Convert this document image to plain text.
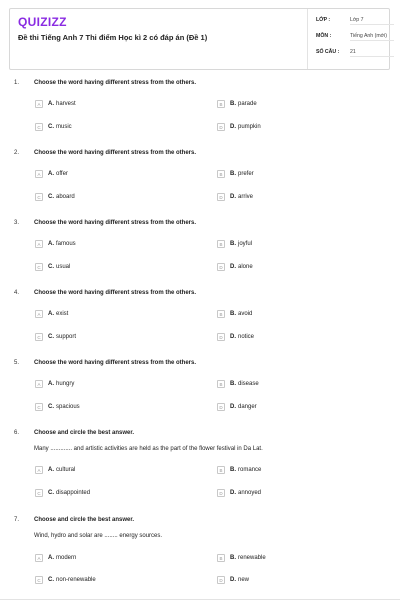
QUIZIZZ
Đề thi Tiếng Anh 7 Thi điểm Học kì 2 có đáp án (Đề 1)
LỚP :	Lớp 7
MÔN :	Tiếng Anh (mới)
SỐ CÂU :	21
1. Choose the word having different stress from the others.
A	A. harvest	B	B. parade
C	C. music	D	D. pumpkin
2. Choose the word having different stress from the others.
A	A. offer	B	B. prefer
C	C. aboard	D	D. arrive
3. Choose the word having different stress from the others.
A	A. famous	B	B. joyful
C	C. usual	D	D. alone
4. Choose the word having different stress from the others.
A	A. exist	B	B. avoid
C	C. support	D	D. notice
5. Choose the word having different stress from the others.
A	A. hungry	B	B. disease
C	C. spacious	D	D. danger
6. Choose and circle the best answer.
Many ............. and artistic activities are held as the part of the flower festival in Da Lat.
A	A. cultural	B	B. romance
C	C. disappointed	D	D. annoyed
7. Choose and circle the best answer.
Wind, hydro and solar are ........ energy sources.
A	A. modern	B	B. renewable
C	C. non-renewable	D	D. new
